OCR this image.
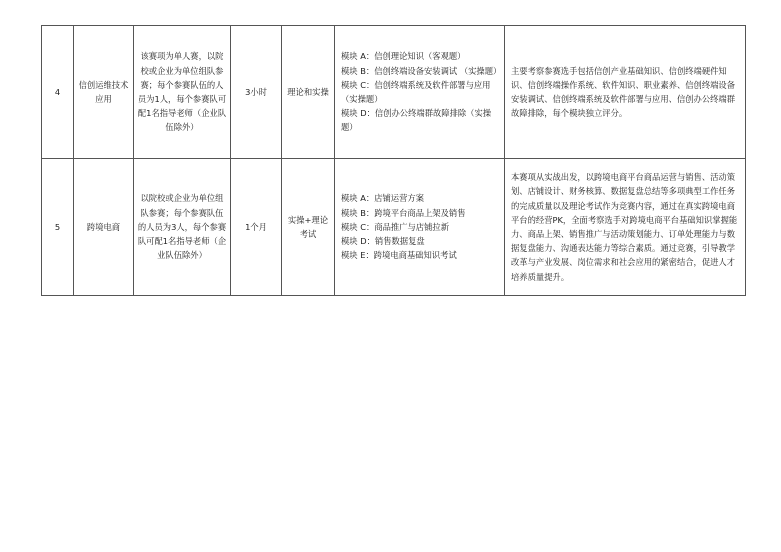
4	信创运维技术应用	该赛项为单人赛，以院校或企业为单位组队参赛；每个参赛队伍的人员为1人，每个参赛队可配1名指导老师（企业队伍除外）	3小时	理论和实操	模块 A：信创理论知识（客观题）
模块 B：信创终端设备安装调试 （实操题）
模块 C：信创终端系统及软件部署与应用（实操题）
模块 D：信创办公终端群故障排除（实操题）	主要考察参赛选手包括信创产业基础知识、信创终端硬件知识、信创终端操作系统、软件知识、职业素养、信创终端设备安装调试、信创终端系统及软件部署与应用、信创办公终端群故障排除，每个模块独立评分。
5	跨境电商	以院校或企业为单位组队参赛；每个参赛队伍的人员为3人，每个参赛队可配1名指导老师（企业队伍除外）	1个月	实操+理论考试	模块 A：店铺运营方案
模块 B：跨境平台商品上架及销售
模块 C：商品推广与店铺拉新
模块 D：销售数据复盘
模块 E：跨境电商基础知识考试	本赛项从实战出发，以跨境电商平台商品运营与销售、活动策划、店铺设计、财务核算、数据复盘总结等多项典型工作任务的完成质量以及理论考试作为竞赛内容，通过在真实跨境电商平台的经营PK，全面考察选手对跨境电商平台基础知识掌握能力、商品上架、销售推广与活动策划能力、订单处理能力与数据复盘能力、沟通表达能力等综合素质。通过竞赛，引导教学改革与产业发展、岗位需求和社会应用的紧密结合，促进人才培养质量提升。
